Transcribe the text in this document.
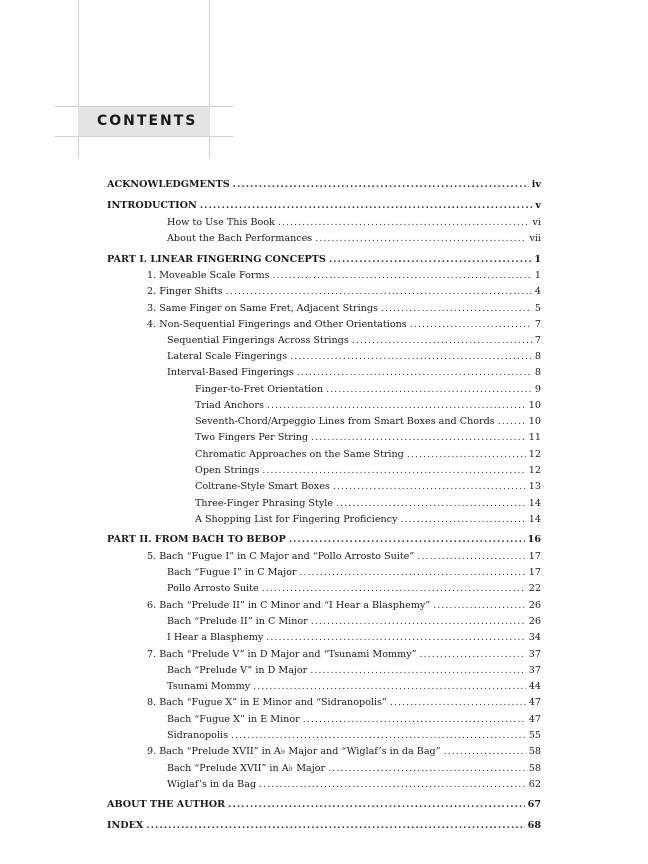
CONTENTS
ACKNOWLEDGMENTS .....	iv
INTRODUCTION .....	v
How to Use This Book .....	vi
About the Bach Performances .....	vii
PART I. LINEAR FINGERING CONCEPTS .....	1
1. Moveable Scale Forms .....	1
2. Finger Shifts .....	4
3. Same Finger on Same Fret, Adjacent Strings .....	5
4. Non-Sequential Fingerings and Other Orientations .....	7
Sequential Fingerings Across Strings .....	7
Lateral Scale Fingerings .....	8
Interval-Based Fingerings .....	8
Finger-to-Fret Orientation .....	9
Triad Anchors .....	10
Seventh-Chord/Arpeggio Lines from Smart Boxes and Chords .....	10
Two Fingers Per String .....	11
Chromatic Approaches on the Same String .....	12
Open Strings .....	12
Coltrane-Style Smart Boxes .....	13
Three-Finger Phrasing Style .....	14
A Shopping List for Fingering Proficiency .....	14
PART II. FROM BACH TO BEBOP .....	16
5. Bach “Fugue I” in C Major and “Pollo Arrosto Suite” .....	17
Bach “Fugue I” in C Major .....	17
Pollo Arrosto Suite .....	22
6. Bach “Prelude II” in C Minor and “I Hear a Blasphemy” .....	26
Bach “Prelude II” in C Minor .....	26
I Hear a Blasphemy .....	34
7. Bach “Prelude V” in D Major and “Tsunami Mommy” .....	37
Bach “Prelude V” in D Major .....	37
Tsunami Mommy .....	44
8. Bach “Fugue X” in E Minor and “Sidranopolis” .....	47
Bach “Fugue X” in E Minor .....	47
Sidranopolis .....	55
9. Bach “Prelude XVII” in A♭ Major and “Wiglaf’s in da Bag” .....	58
Bach “Prelude XVII” in A♭ Major .....	58
Wiglaf’s in da Bag .....	62
ABOUT THE AUTHOR .....	67
INDEX .....	68
